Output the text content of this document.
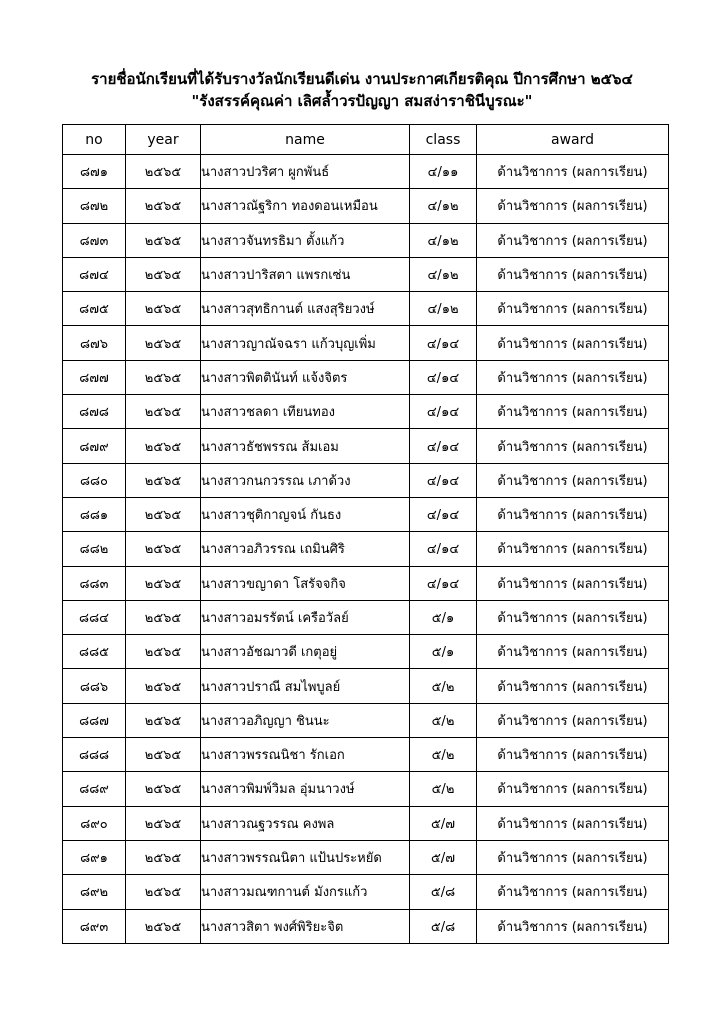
รายชื่อนักเรียนที่ได้รับรางวัลนักเรียนดีเด่น งานประกาศเกียรติคุณ ปีการศึกษา ๒๕๖๔
"รังสรรค์คุณค่า เลิศล้ำวรปัญญา สมสง่าราชินีบูรณะ"
no	year	name	class	award
๘๗๑	๒๕๖๕	นางสาวปวริศา ผูกพันธ์	๔/๑๑	ด้านวิชาการ (ผลการเรียน)
๘๗๒	๒๕๖๕	นางสาวณัฐริกา ทองดอนเหมือน	๔/๑๒	ด้านวิชาการ (ผลการเรียน)
๘๗๓	๒๕๖๕	นางสาวจันทรธิมา ตั้งแก้ว	๔/๑๒	ด้านวิชาการ (ผลการเรียน)
๘๗๔	๒๕๖๕	นางสาวปาริสตา แพรกเซ่น	๔/๑๒	ด้านวิชาการ (ผลการเรียน)
๘๗๕	๒๕๖๕	นางสาวสุทธิกานต์ แสงสุริยวงษ์	๔/๑๒	ด้านวิชาการ (ผลการเรียน)
๘๗๖	๒๕๖๕	นางสาวญาณัจฉรา แก้วบุญเพิ่ม	๔/๑๔	ด้านวิชาการ (ผลการเรียน)
๘๗๗	๒๕๖๕	นางสาวพิตตินันท์ แจ้งจิตร	๔/๑๔	ด้านวิชาการ (ผลการเรียน)
๘๗๘	๒๕๖๕	นางสาวชลดา เทียนทอง	๔/๑๔	ด้านวิชาการ (ผลการเรียน)
๘๗๙	๒๕๖๕	นางสาวธัชพรรณ ส้มเอม	๔/๑๔	ด้านวิชาการ (ผลการเรียน)
๘๘๐	๒๕๖๕	นางสาวกนกวรรณ เภาด้วง	๔/๑๔	ด้านวิชาการ (ผลการเรียน)
๘๘๑	๒๕๖๕	นางสาวชุติกาญจน์ กันธง	๔/๑๔	ด้านวิชาการ (ผลการเรียน)
๘๘๒	๒๕๖๕	นางสาวอภิวรรณ เถมินศิริ	๔/๑๔	ด้านวิชาการ (ผลการเรียน)
๘๘๓	๒๕๖๕	นางสาวขญาดา โสรัจจกิจ	๔/๑๔	ด้านวิชาการ (ผลการเรียน)
๘๘๔	๒๕๖๕	นางสาวอมรรัตน์ เครือวัลย์	๕/๑	ด้านวิชาการ (ผลการเรียน)
๘๘๕	๒๕๖๕	นางสาวอัชฌาวดี เกตุอยู่	๕/๑	ด้านวิชาการ (ผลการเรียน)
๘๘๖	๒๕๖๕	นางสาวปราณี สมไพบูลย์	๕/๒	ด้านวิชาการ (ผลการเรียน)
๘๘๗	๒๕๖๕	นางสาวอภิญญา ชินนะ	๕/๒	ด้านวิชาการ (ผลการเรียน)
๘๘๘	๒๕๖๕	นางสาวพรรณนิชา รักเอก	๕/๒	ด้านวิชาการ (ผลการเรียน)
๘๘๙	๒๕๖๕	นางสาวพิมพ์วิมล อุ่มนาวงษ์	๕/๒	ด้านวิชาการ (ผลการเรียน)
๘๙๐	๒๕๖๕	นางสาวณฐวรรณ คงพล	๕/๗	ด้านวิชาการ (ผลการเรียน)
๘๙๑	๒๕๖๕	นางสาวพรรณนิตา แป้นประหยัด	๕/๗	ด้านวิชาการ (ผลการเรียน)
๘๙๒	๒๕๖๕	นางสาวมณฑกานต์ มังกรแก้ว	๕/๘	ด้านวิชาการ (ผลการเรียน)
๘๙๓	๒๕๖๕	นางสาวสิตา พงศ์พิริยะจิต	๕/๘	ด้านวิชาการ (ผลการเรียน)
